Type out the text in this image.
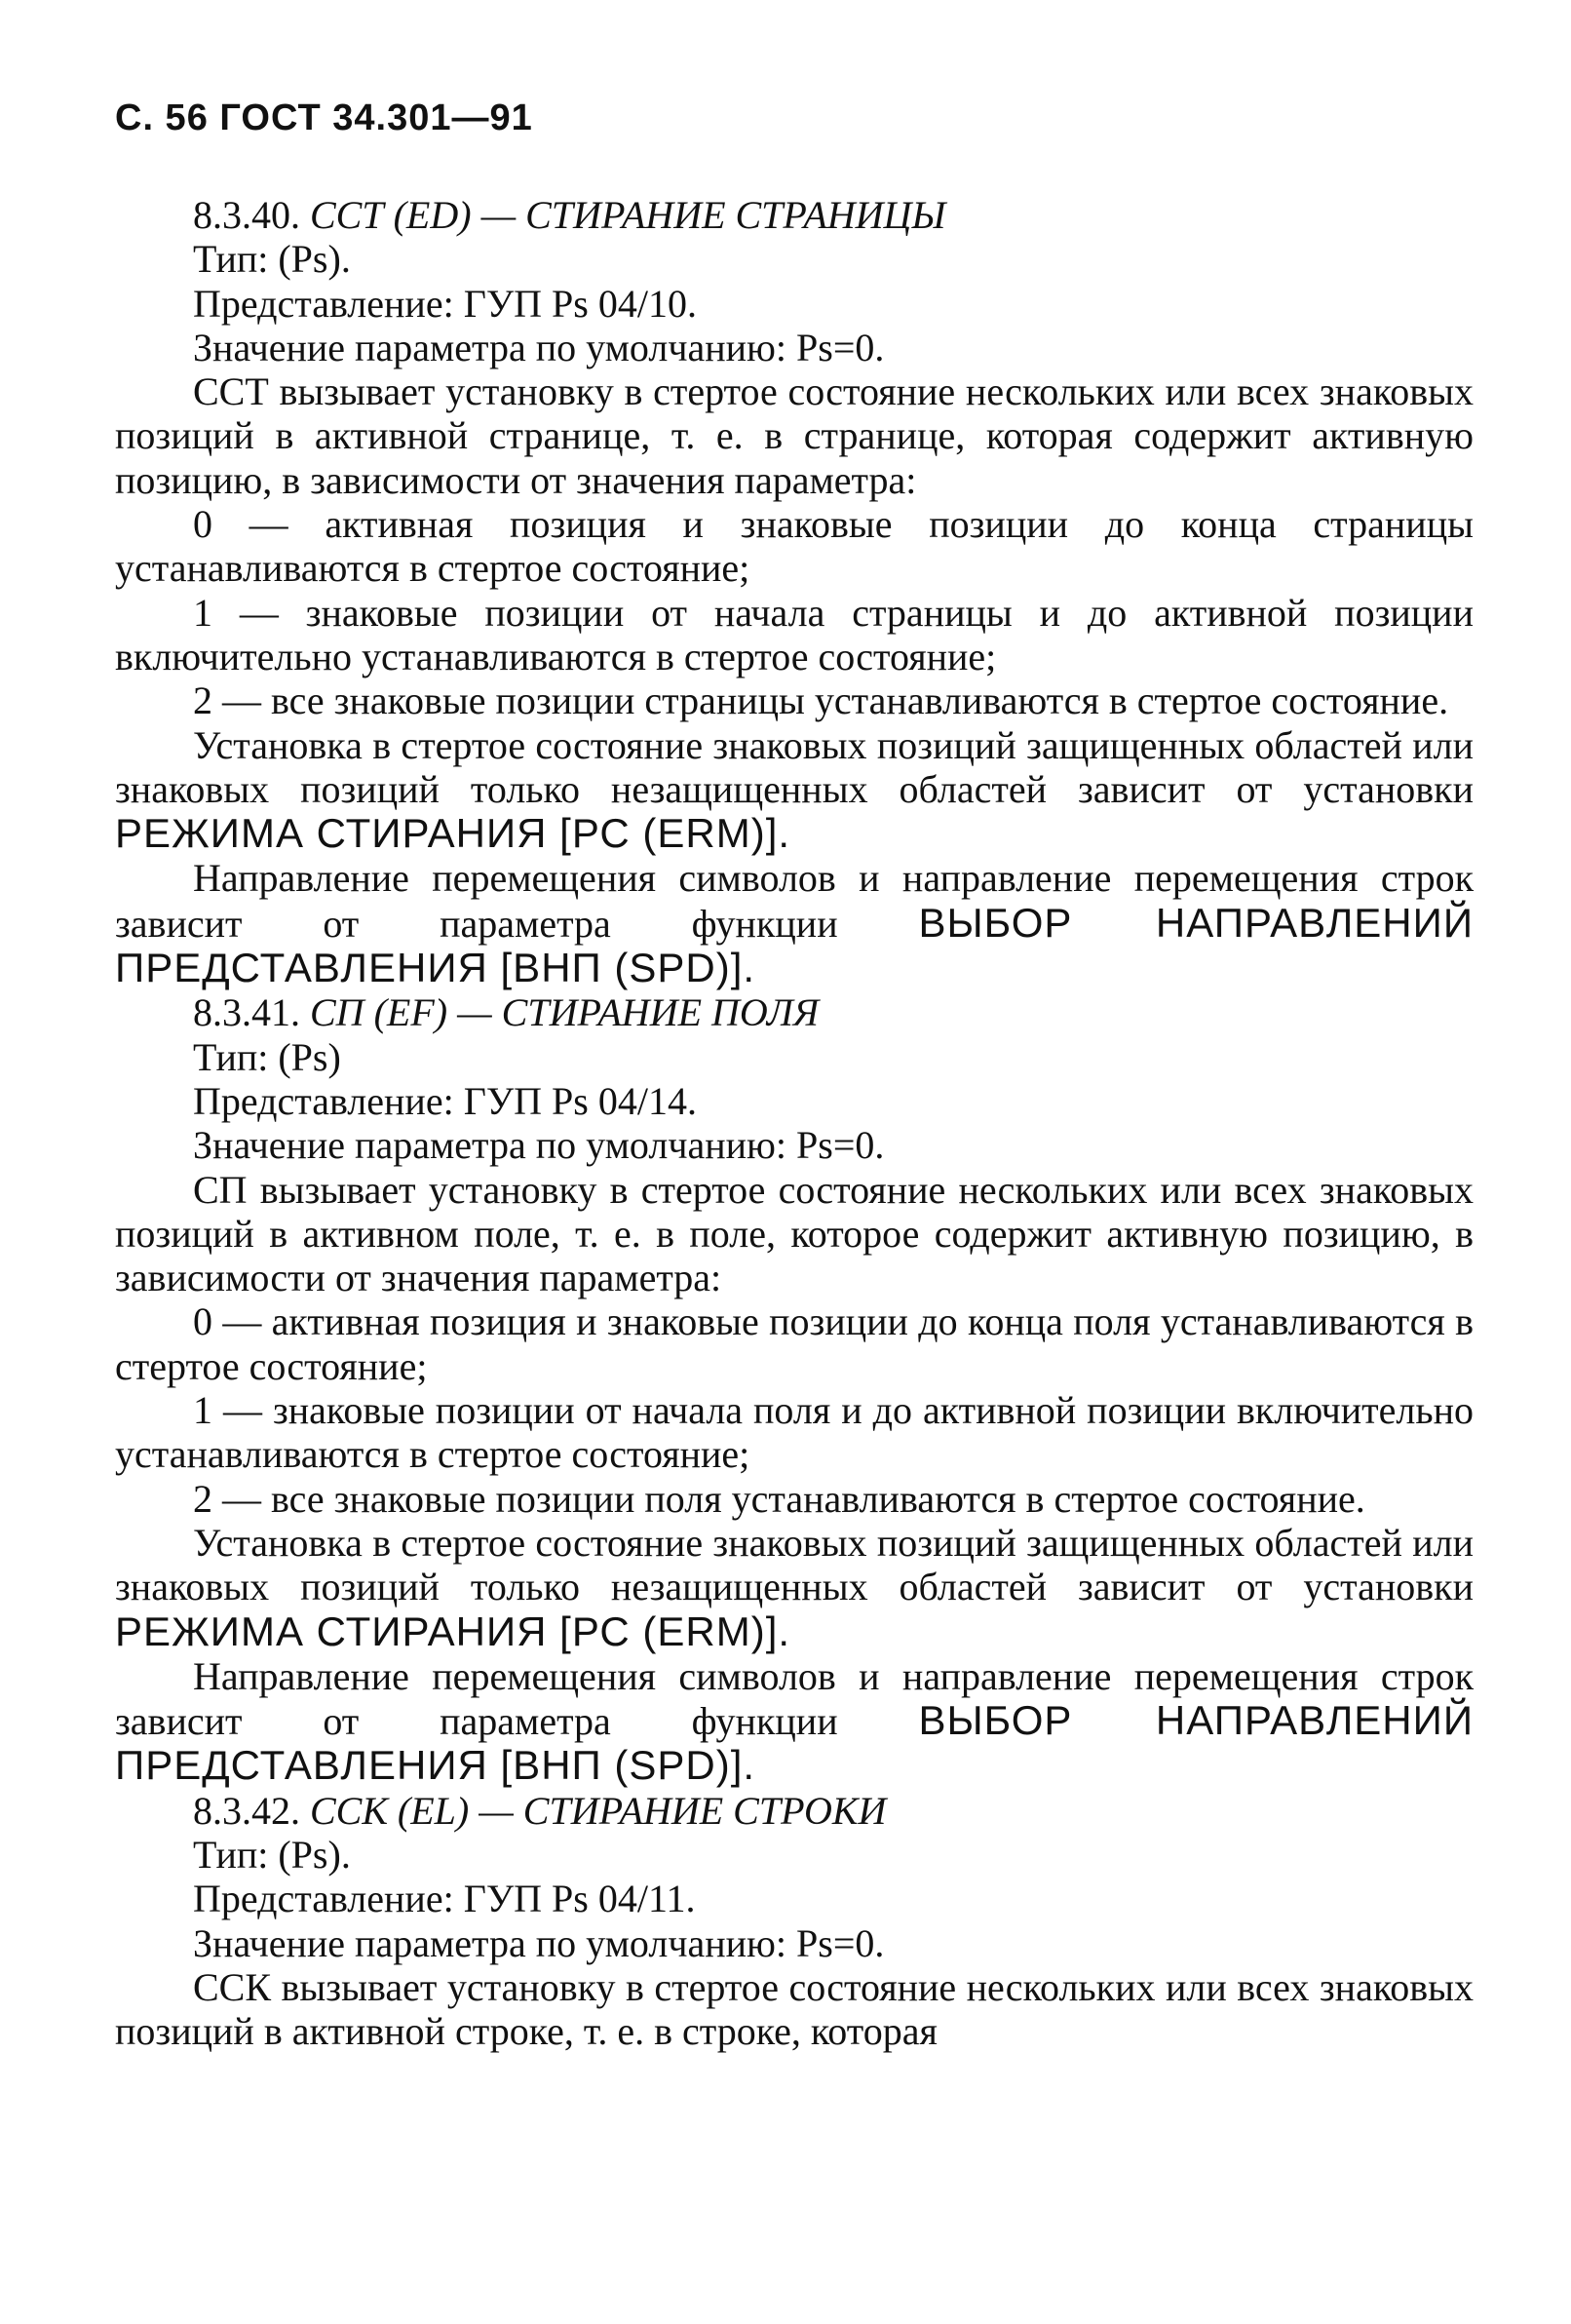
С. 56 ГОСТ 34.301—91
8.3.40. ССТ (ED) — СТИРАНИЕ СТРАНИЦЫ
Тип: (Ps).
Представление: ГУП Ps 04/10.
Значение параметра по умолчанию: Ps=0.

ССТ вызывает установку в стертое состояние нескольких или всех знаковых позиций в активной странице, т. е. в странице, которая содержит активную позицию, в зависимости от значения параметра:

0 — активная позиция и знаковые позиции до конца страницы устанавливаются в стертое состояние;

1 — знаковые позиции от начала страницы и до активной позиции включительно устанавливаются в стертое состояние;

2 — все знаковые позиции страницы устанавливаются в стертое состояние.

Установка в стертое состояние знаковых позиций защищенных областей или знаковых позиций только незащищенных областей зависит от установки РЕЖИМА СТИРАНИЯ [РС (ERM)].

Направление перемещения символов и направление перемещения строк зависит от параметра функции ВЫБОР НАПРАВЛЕНИЙ ПРЕДСТАВЛЕНИЯ [ВНП (SPD)].

8.3.41. СП (EF) — СТИРАНИЕ ПОЛЯ
Тип: (Ps)
Представление: ГУП Ps 04/14.
Значение параметра по умолчанию: Ps=0.

СП вызывает установку в стертое состояние нескольких или всех знаковых позиций в активном поле, т. е. в поле, которое содержит активную позицию, в зависимости от значения параметра:

0 — активная позиция и знаковые позиции до конца поля устанавливаются в стертое состояние;

1 — знаковые позиции от начала поля и до активной позиции включительно устанавливаются в стертое состояние;

2 — все знаковые позиции поля устанавливаются в стертое состояние.

Установка в стертое состояние знаковых позиций защищенных областей или знаковых позиций только незащищенных областей зависит от установки РЕЖИМА СТИРАНИЯ [РС (ERM)].

Направление перемещения символов и направление перемещения строк зависит от параметра функции ВЫБОР НАПРАВЛЕНИЙ ПРЕДСТАВЛЕНИЯ [ВНП (SPD)].

8.3.42. ССК (EL) — СТИРАНИЕ СТРОКИ
Тип: (Ps).
Представление: ГУП Ps 04/11.
Значение параметра по умолчанию: Ps=0.

ССК вызывает установку в стертое состояние нескольких или всех знаковых позиций в активной строке, т. е. в строке, которая
